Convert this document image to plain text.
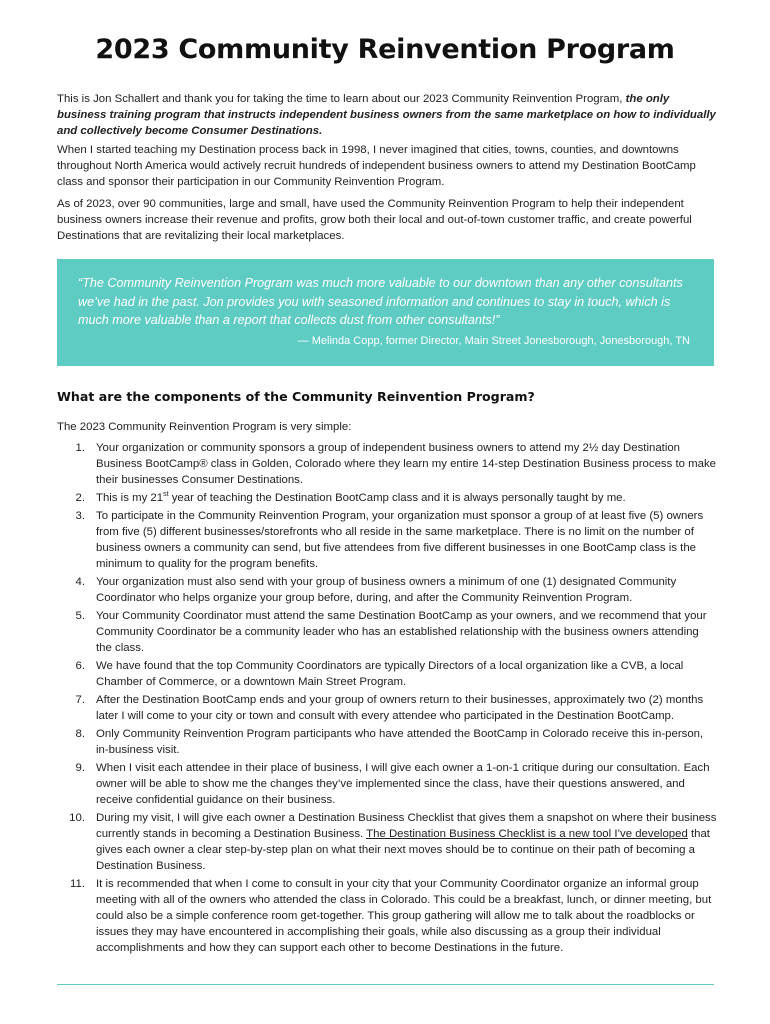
2023 Community Reinvention Program

This is Jon Schallert and thank you for taking the time to learn about our 2023 Community Reinvention Program, the only business training program that instructs independent business owners from the same marketplace on how to individually and collectively become Consumer Destinations.

When I started teaching my Destination process back in 1998, I never imagined that cities, towns, counties, and downtowns throughout North America would actively recruit hundreds of independent business owners to attend my Destination BootCamp class and sponsor their participation in our Community Reinvention Program.

As of 2023, over 90 communities, large and small, have used the Community Reinvention Program to help their independent business owners increase their revenue and profits, grow both their local and out-of-town customer traffic, and create powerful Destinations that are revitalizing their local marketplaces.

“The Community Reinvention Program was much more valuable to our downtown than any other consultants we’ve had in the past. Jon provides you with seasoned information and continues to stay in touch, which is much more valuable than a report that collects dust from other consultants!”

— Melinda Copp, former Director, Main Street Jonesborough, Jonesborough, TN

What are the components of the Community Reinvention Program?

The 2023 Community Reinvention Program is very simple:

1. Your organization or community sponsors a group of independent business owners to attend my 2½ day Destination Business BootCamp® class in Golden, Colorado where they learn my entire 14-step Destination Business process to make their businesses Consumer Destinations.
2. This is my 21st year of teaching the Destination BootCamp class and it is always personally taught by me.
3. To participate in the Community Reinvention Program, your organization must sponsor a group of at least five (5) owners from five (5) different businesses/storefronts who all reside in the same marketplace. There is no limit on the number of business owners a community can send, but five attendees from five different businesses in one BootCamp class is the minimum to quality for the program benefits.
4. Your organization must also send with your group of business owners a minimum of one (1) designated Community Coordinator who helps organize your group before, during, and after the Community Reinvention Program.
5. Your Community Coordinator must attend the same Destination BootCamp as your owners, and we recommend that your Community Coordinator be a community leader who has an established relationship with the business owners attending the class.
6. We have found that the top Community Coordinators are typically Directors of a local organization like a CVB, a local Chamber of Commerce, or a downtown Main Street Program.
7. After the Destination BootCamp ends and your group of owners return to their businesses, approximately two (2) months later I will come to your city or town and consult with every attendee who participated in the Destination BootCamp.
8. Only Community Reinvention Program participants who have attended the BootCamp in Colorado receive this in-person, in-business visit.
9. When I visit each attendee in their place of business, I will give each owner a 1-on-1 critique during our consultation. Each owner will be able to show me the changes they’ve implemented since the class, have their questions answered, and receive confidential guidance on their business.
10. During my visit, I will give each owner a Destination Business Checklist that gives them a snapshot on where their business currently stands in becoming a Destination Business. The Destination Business Checklist is a new tool I’ve developed that gives each owner a clear step-by-step plan on what their next moves should be to continue on their path of becoming a Destination Business.
11. It is recommended that when I come to consult in your city that your Community Coordinator organize an informal group meeting with all of the owners who attended the class in Colorado. This could be a breakfast, lunch, or dinner meeting, but could also be a simple conference room get-together. This group gathering will allow me to talk about the roadblocks or issues they may have encountered in accomplishing their goals, while also discussing as a group their individual accomplishments and how they can support each other to become Destinations in the future.
